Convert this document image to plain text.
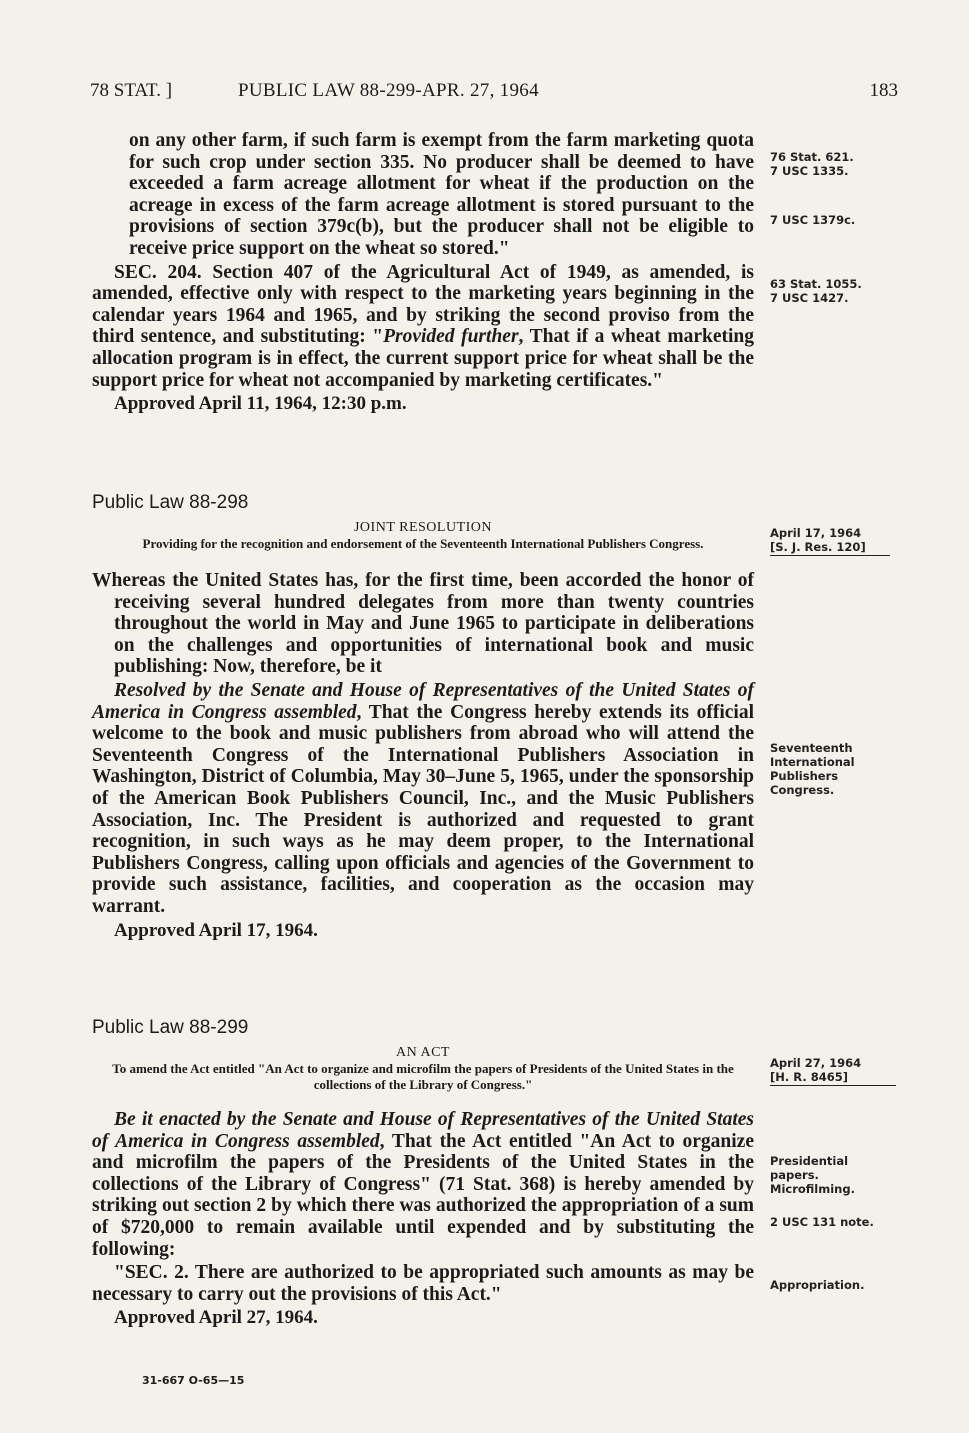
78 STAT. ]	PUBLIC LAW 88-299-APR. 27, 1964	183

on any other farm, if such farm is exempt from the farm marketing quota for such crop under section 335. No producer shall be deemed to have exceeded a farm acreage allotment for wheat if the production on the acreage in excess of the farm acreage allotment is stored pursuant to the provisions of section 379c(b), but the producer shall not be eligible to receive price support on the wheat so stored."

SEC. 204. Section 407 of the Agricultural Act of 1949, as amended, is amended, effective only with respect to the marketing years beginning in the calendar years 1964 and 1965, and by striking the second proviso from the third sentence, and substituting: "Provided further, That if a wheat marketing allocation program is in effect, the current support price for wheat shall be the support price for wheat not accompanied by marketing certificates."

Approved April 11, 1964, 12:30 p.m.

Public Law 88-298

JOINT RESOLUTION

Providing for the recognition and endorsement of the Seventeenth International Publishers Congress.

Whereas the United States has, for the first time, been accorded the honor of receiving several hundred delegates from more than twenty countries throughout the world in May and June 1965 to participate in deliberations on the challenges and opportunities of international book and music publishing: Now, therefore, be it

Resolved by the Senate and House of Representatives of the United States of America in Congress assembled, That the Congress hereby extends its official welcome to the book and music publishers from abroad who will attend the Seventeenth Congress of the International Publishers Association in Washington, District of Columbia, May 30–June 5, 1965, under the sponsorship of the American Book Publishers Council, Inc., and the Music Publishers Association, Inc. The President is authorized and requested to grant recognition, in such ways as he may deem proper, to the International Publishers Congress, calling upon officials and agencies of the Government to provide such assistance, facilities, and cooperation as the occasion may warrant.

Approved April 17, 1964.

Public Law 88-299

AN ACT

To amend the Act entitled "An Act to organize and microfilm the papers of Presidents of the United States in the collections of the Library of Congress."

Be it enacted by the Senate and House of Representatives of the United States of America in Congress assembled, That the Act entitled "An Act to organize and microfilm the papers of the Presidents of the United States in the collections of the Library of Congress" (71 Stat. 368) is hereby amended by striking out section 2 by which there was authorized the appropriation of a sum of $720,000 to remain available until expended and by substituting the following:

"SEC. 2. There are authorized to be appropriated such amounts as may be necessary to carry out the provisions of this Act."

Approved April 27, 1964.

76 Stat. 621.
7 USC 1335.
7 USC 1379c.
63 Stat. 1055.
7 USC 1427.
April 17, 1964
[S. J. Res. 120]
Seventeenth International Publishers Congress.
April 27, 1964
[H. R. 8465]
Presidential papers. Microfilming.
2 USC 131 note.
Appropriation.
31-667 O-65—15
